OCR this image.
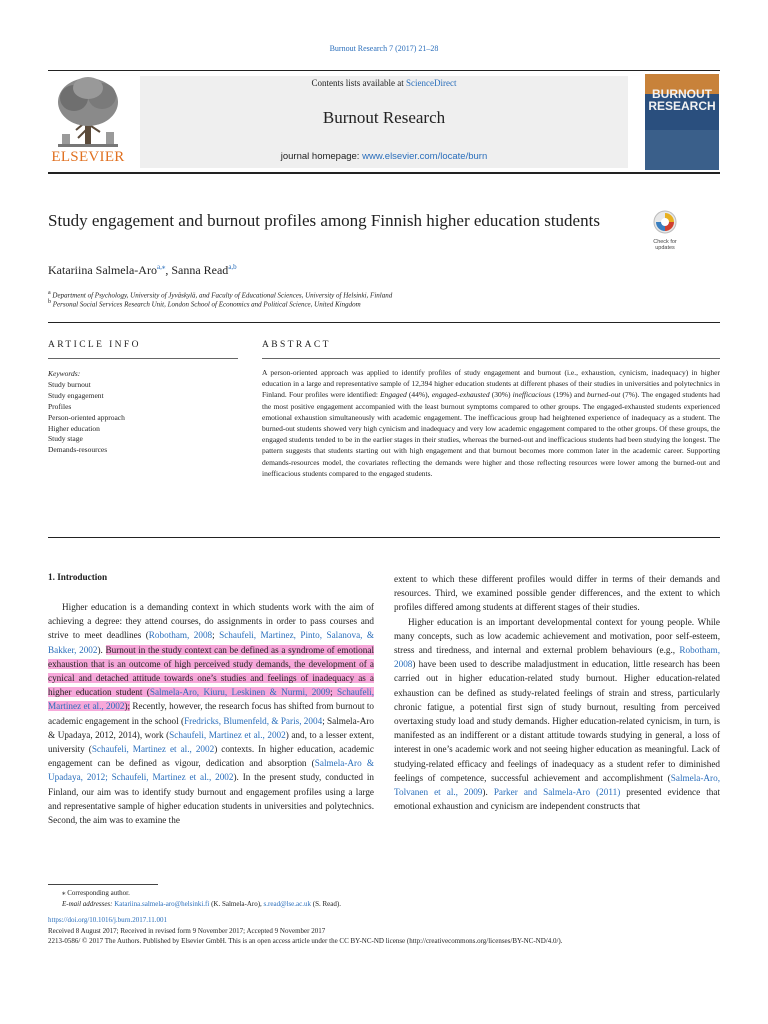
Burnout Research 7 (2017) 21–28
ELSEVIER
Contents lists available at ScienceDirect
Burnout Research
journal homepage: www.elsevier.com/locate/burn
BURNOUT
RESEARCH
Study engagement and burnout profiles among Finnish higher education students
Check for
updates
Katariina Salmela-Aro$^{a,⁎}$, Sanna Read$^{a,b}$
$^a$ Department of Psychology, University of Jyväskylä, and Faculty of Educational Sciences, University of Helsinki, Finland
$^b$ Personal Social Services Research Unit, London School of Economics and Political Science, United Kingdom
ARTICLE INFO	ABSTRACT
Keywords:
Study burnout
Study engagement
Profiles
Person-oriented approach
Higher education
Study stage
Demands-resources
A person-oriented approach was applied to identify profiles of study engagement and burnout (i.e., exhaustion, cynicism, inadequacy) in higher education in a large and representative sample of 12,394 higher education students at different phases of their studies in universities and polytechnics in Finland. Four profiles were identified: Engaged (44%), engaged-exhausted (30%) inefficacious (19%) and burned-out (7%). The engaged students had the most positive engagement accompanied with the least burnout symptoms compared to other groups. The engaged-exhausted students experienced emotional exhaustion simultaneously with academic engagement. The inefficacious group had heightened experience of inadequacy as a student. The burned-out students showed very high cynicism and inadequacy and very low academic engagement compared to the other groups. Of these groups, the engaged students tended to be in the earlier stages in their studies, whereas the burned-out and inefficacious students had been studying the longest. The pattern suggests that students starting out with high engagement and that burnout becomes more common later in the academic career. Supporting demands-resources model, the covariates reflecting the demands were higher and those reflecting resources were lower among the burned-out and inefficacious students compared to the engaged students.
1. Introduction

Higher education is a demanding context in which students work with the aim of achieving a degree: they attend courses, do assignments in order to pass courses and strive to meet deadlines (Robotham, 2008; Schaufeli, Martinez, Pinto, Salanova, & Bakker, 2002). Burnout in the study context can be defined as a syndrome of emotional exhaustion that is an outcome of high perceived study demands, the development of a cynical and detached attitude towards one’s studies and feelings of inadequacy as a higher education student (Salmela-Aro, Kiuru, Leskinen & Nurmi, 2009; Schaufeli, Martinez et al., 2002); Recently, however, the research focus has shifted from burnout to academic engagement in the school (Fredricks, Blumenfeld, & Paris, 2004; Salmela-Aro & Upadaya, 2012, 2014), work (Schaufeli, Martinez et al., 2002) and, to a lesser extent, university (Schaufeli, Martinez et al., 2002) contexts. In higher education, academic engagement can be defined as vigour, dedication and absorption (Salmela-Aro & Upadaya, 2012; Schaufeli, Martinez et al., 2002). In the present study, conducted in Finland, our aim was to identify study burnout and engagement profiles using a large and representative sample of higher education students in universities and polytechnics. Second, the aim was to examine the

extent to which these different profiles would differ in terms of their demands and resources. Third, we examined possible gender differences, and the extent to which profiles differed among students at different stages of their studies.

Higher education is an important developmental context for young people. While many concepts, such as low academic achievement and motivation, poor self-esteem, stress and tiredness, and internal and external problem behaviours (e.g., Robotham, 2008) have been used to describe maladjustment in education, little research has been carried out in higher education-related study burnout. Higher education-related exhaustion can be defined as study-related feelings of strain and stress, particularly chronic fatigue, a potential first sign of study burnout, resulting from perceived overtaxing study load and study demands. Higher education-related cynicism, in turn, is manifested as an indifferent or a distant attitude towards studying in general, a loss of interest in one’s academic work and not seeing higher education as meaningful. Lack of studying-related efficacy and feelings of inadequacy as a student refer to diminished feelings of competence, successful achievement and accomplishment (Salmela-Aro, Tolvanen et al., 2009). Parker and Salmela-Aro (2011) presented evidence that emotional exhaustion and cynicism are independent constructs that

⁎ Corresponding author.
E-mail addresses: Katariina.salmela-aro@helsinki.fi (K. Salmela-Aro), s.read@lse.ac.uk (S. Read).
https://doi.org/10.1016/j.burn.2017.11.001
Received 8 August 2017; Received in revised form 9 November 2017; Accepted 9 November 2017
2213-0586/ © 2017 The Authors. Published by Elsevier GmbH. This is an open access article under the CC BY-NC-ND license (http://creativecommons.org/licenses/BY-NC-ND/4.0/).
